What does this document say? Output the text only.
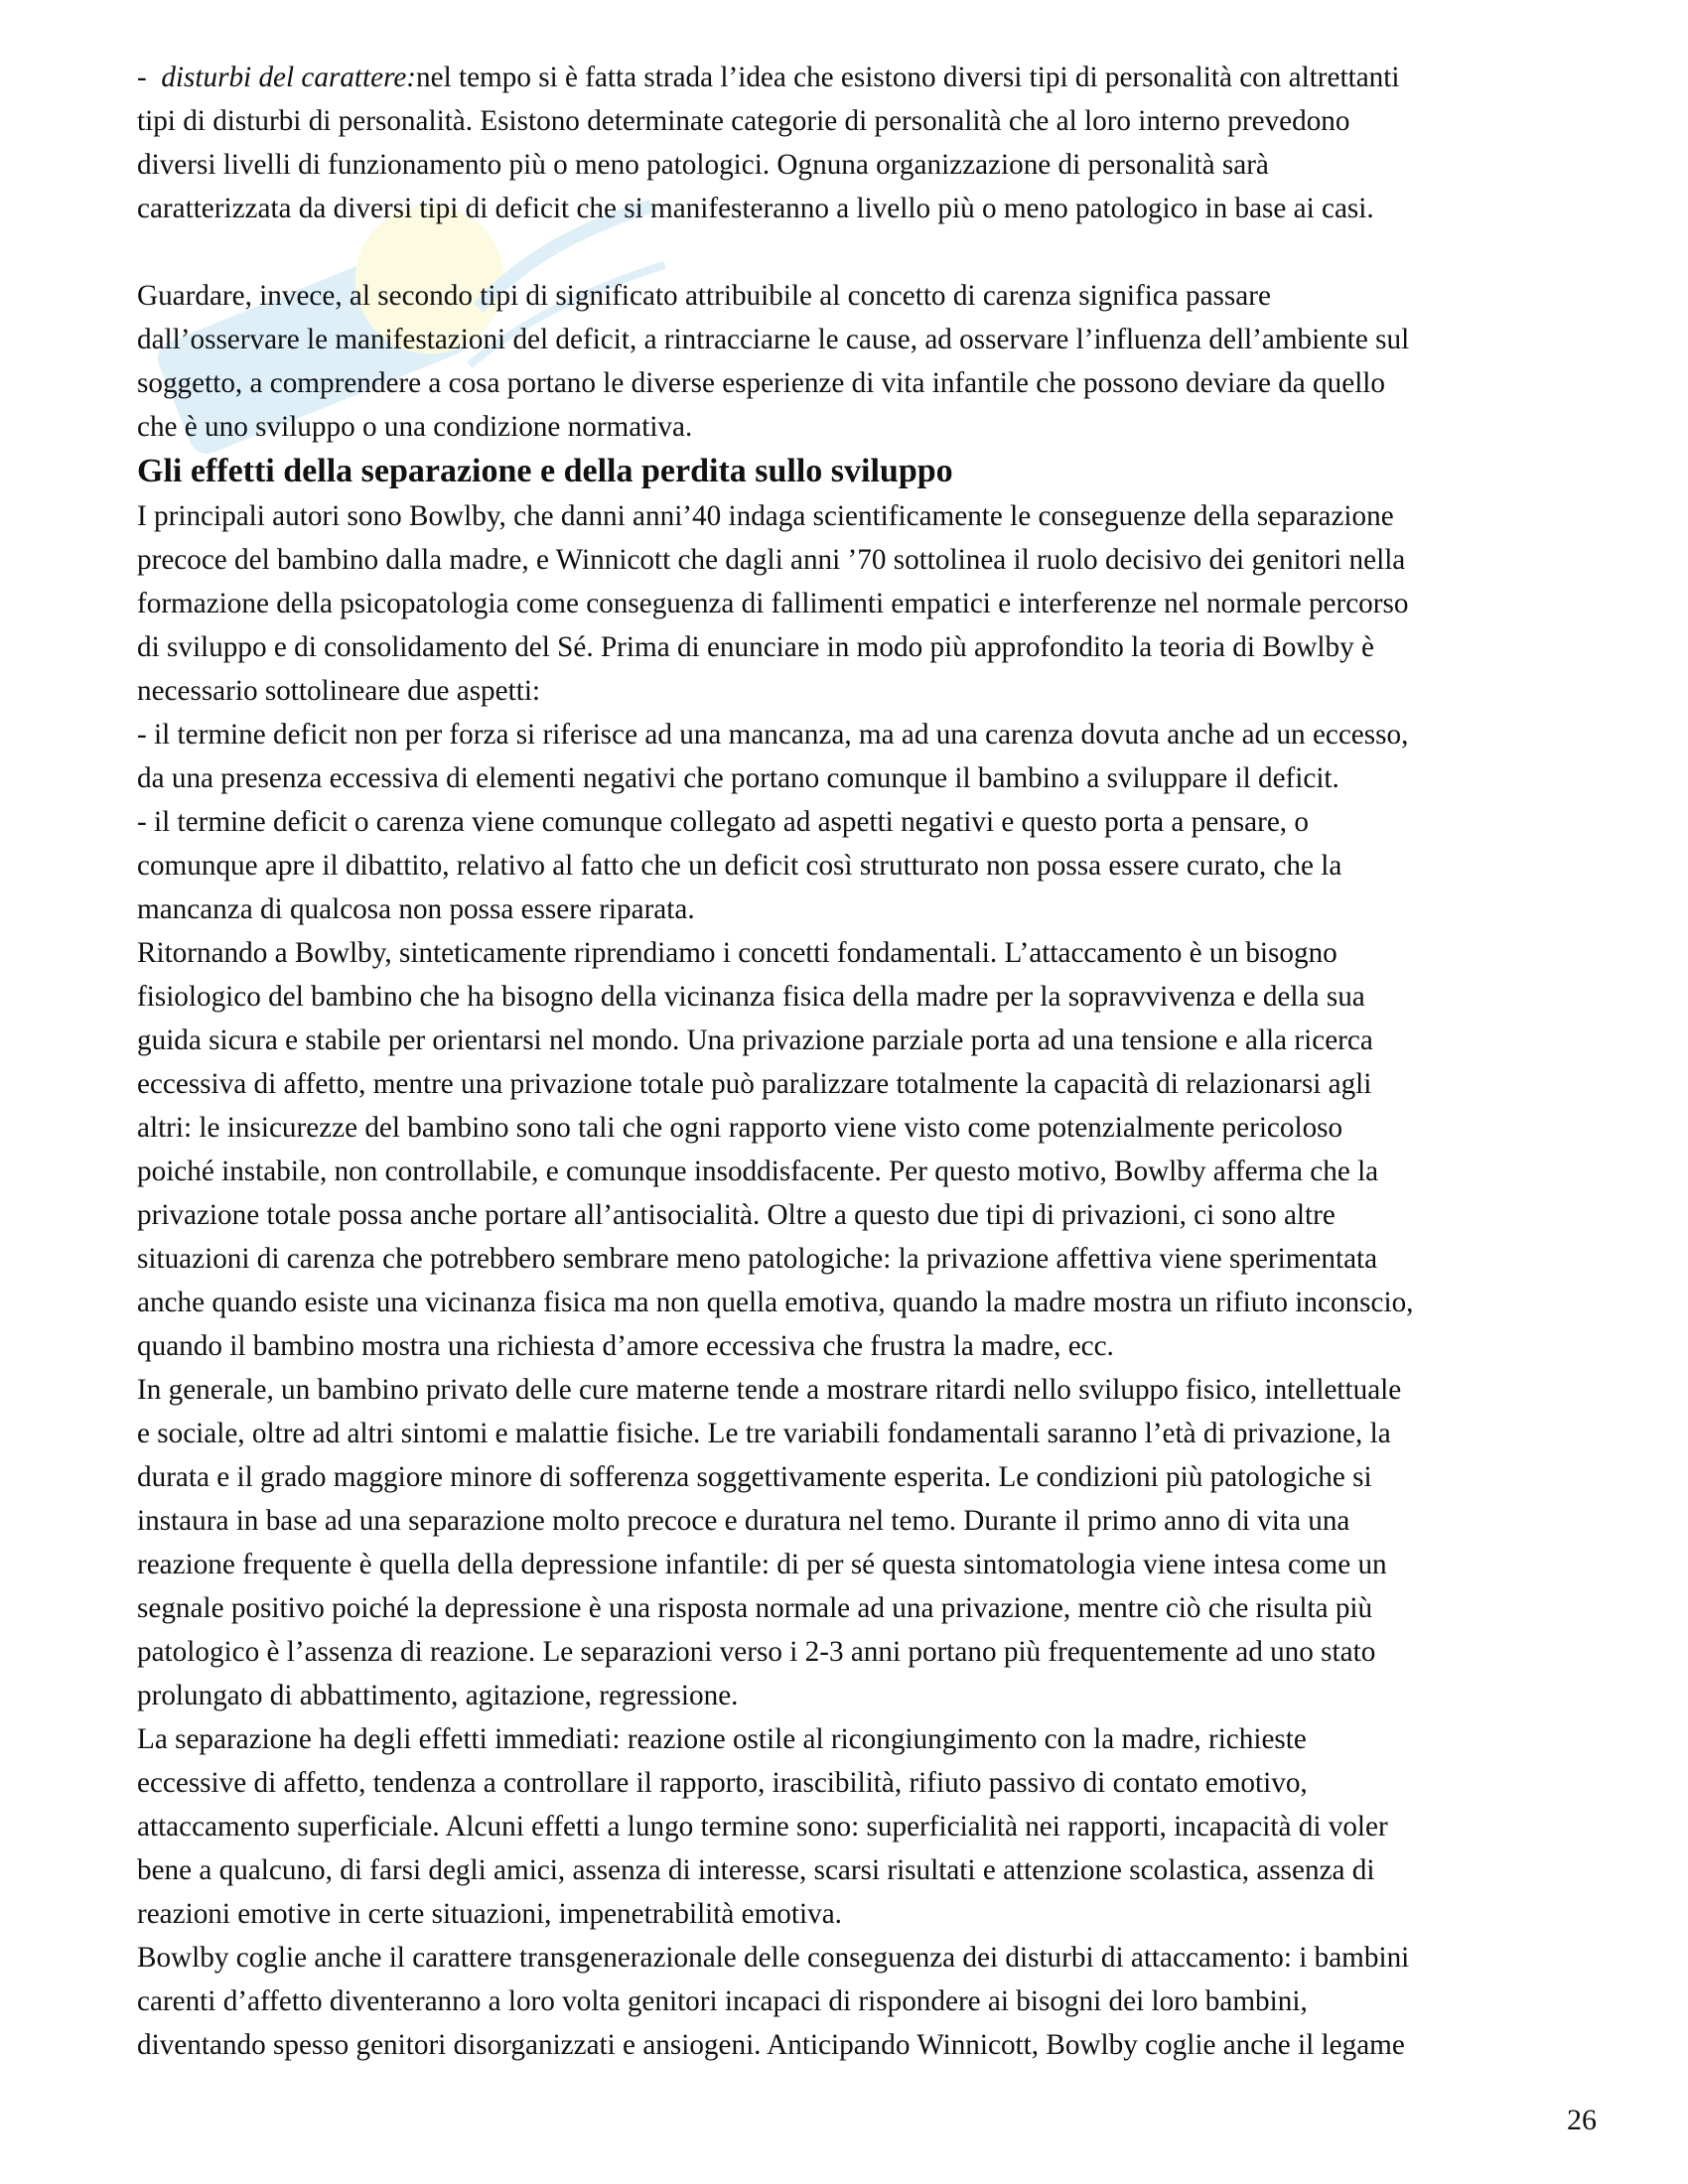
-  disturbi del carattere:nel tempo si è fatta strada l’idea che esistono diversi tipi di personalità con altrettanti

tipi di disturbi di personalità. Esistono determinate categorie di personalità che al loro interno prevedono

diversi livelli di funzionamento più o meno patologici. Ognuna organizzazione di personalità sarà

caratterizzata da diversi tipi di deficit che si manifesteranno a livello più o meno patologico in base ai casi.

Guardare, invece, al secondo tipi di significato attribuibile al concetto di carenza significa passare

dall’osservare le manifestazioni del deficit, a rintracciarne le cause, ad osservare l’influenza dell’ambiente sul

soggetto, a comprendere a cosa portano le diverse esperienze di vita infantile che possono deviare da quello

che è uno sviluppo o una condizione normativa.

Gli effetti della separazione e della perdita sullo sviluppo

I principali autori sono Bowlby, che danni anni’40 indaga scientificamente le conseguenze della separazione

precoce del bambino dalla madre, e Winnicott che dagli anni ’70 sottolinea il ruolo decisivo dei genitori nella

formazione della psicopatologia come conseguenza di fallimenti empatici e interferenze nel normale percorso

di sviluppo e di consolidamento del Sé. Prima di enunciare in modo più approfondito la teoria di Bowlby è

necessario sottolineare due aspetti:

- il termine deficit non per forza si riferisce ad una mancanza, ma ad una carenza dovuta anche ad un eccesso,

da una presenza eccessiva di elementi negativi che portano comunque il bambino a sviluppare il deficit.

- il termine deficit o carenza viene comunque collegato ad aspetti negativi e questo porta a pensare, o

comunque apre il dibattito, relativo al fatto che un deficit così strutturato non possa essere curato, che la

mancanza di qualcosa non possa essere riparata.

Ritornando a Bowlby, sinteticamente riprendiamo i concetti fondamentali. L’attaccamento è un bisogno

fisiologico del bambino che ha bisogno della vicinanza fisica della madre per la sopravvivenza e della sua

guida sicura e stabile per orientarsi nel mondo. Una privazione parziale porta ad una tensione e alla ricerca

eccessiva di affetto, mentre una privazione totale può paralizzare totalmente la capacità di relazionarsi agli

altri: le insicurezze del bambino sono tali che ogni rapporto viene visto come potenzialmente pericoloso

poiché instabile, non controllabile, e comunque insoddisfacente. Per questo motivo, Bowlby afferma che la

privazione totale possa anche portare all’antisocialità. Oltre a questo due tipi di privazioni, ci sono altre

situazioni di carenza che potrebbero sembrare meno patologiche: la privazione affettiva viene sperimentata

anche quando esiste una vicinanza fisica ma non quella emotiva, quando la madre mostra un rifiuto inconscio,

quando il bambino mostra una richiesta d’amore eccessiva che frustra la madre, ecc.

In generale, un bambino privato delle cure materne tende a mostrare ritardi nello sviluppo fisico, intellettuale

e sociale, oltre ad altri sintomi e malattie fisiche. Le tre variabili fondamentali saranno l’età di privazione, la

durata e il grado maggiore minore di sofferenza soggettivamente esperita. Le condizioni più patologiche si

instaura in base ad una separazione molto precoce e duratura nel temo. Durante il primo anno di vita una

reazione frequente è quella della depressione infantile: di per sé questa sintomatologia viene intesa come un

segnale positivo poiché la depressione è una risposta normale ad una privazione, mentre ciò che risulta più

patologico è l’assenza di reazione. Le separazioni verso i 2-3 anni portano più frequentemente ad uno stato

prolungato di abbattimento, agitazione, regressione.

La separazione ha degli effetti immediati: reazione ostile al ricongiungimento con la madre, richieste

eccessive di affetto, tendenza a controllare il rapporto, irascibilità, rifiuto passivo di contato emotivo,

attaccamento superficiale. Alcuni effetti a lungo termine sono: superficialità nei rapporti, incapacità di voler

bene a qualcuno, di farsi degli amici, assenza di interesse, scarsi risultati e attenzione scolastica, assenza di

reazioni emotive in certe situazioni, impenetrabilità emotiva.

Bowlby coglie anche il carattere transgenerazionale delle conseguenza dei disturbi di attaccamento: i bambini

carenti d’affetto diventeranno a loro volta genitori incapaci di rispondere ai bisogni dei loro bambini,

diventando spesso genitori disorganizzati e ansiogeni. Anticipando Winnicott, Bowlby coglie anche il legame

26
